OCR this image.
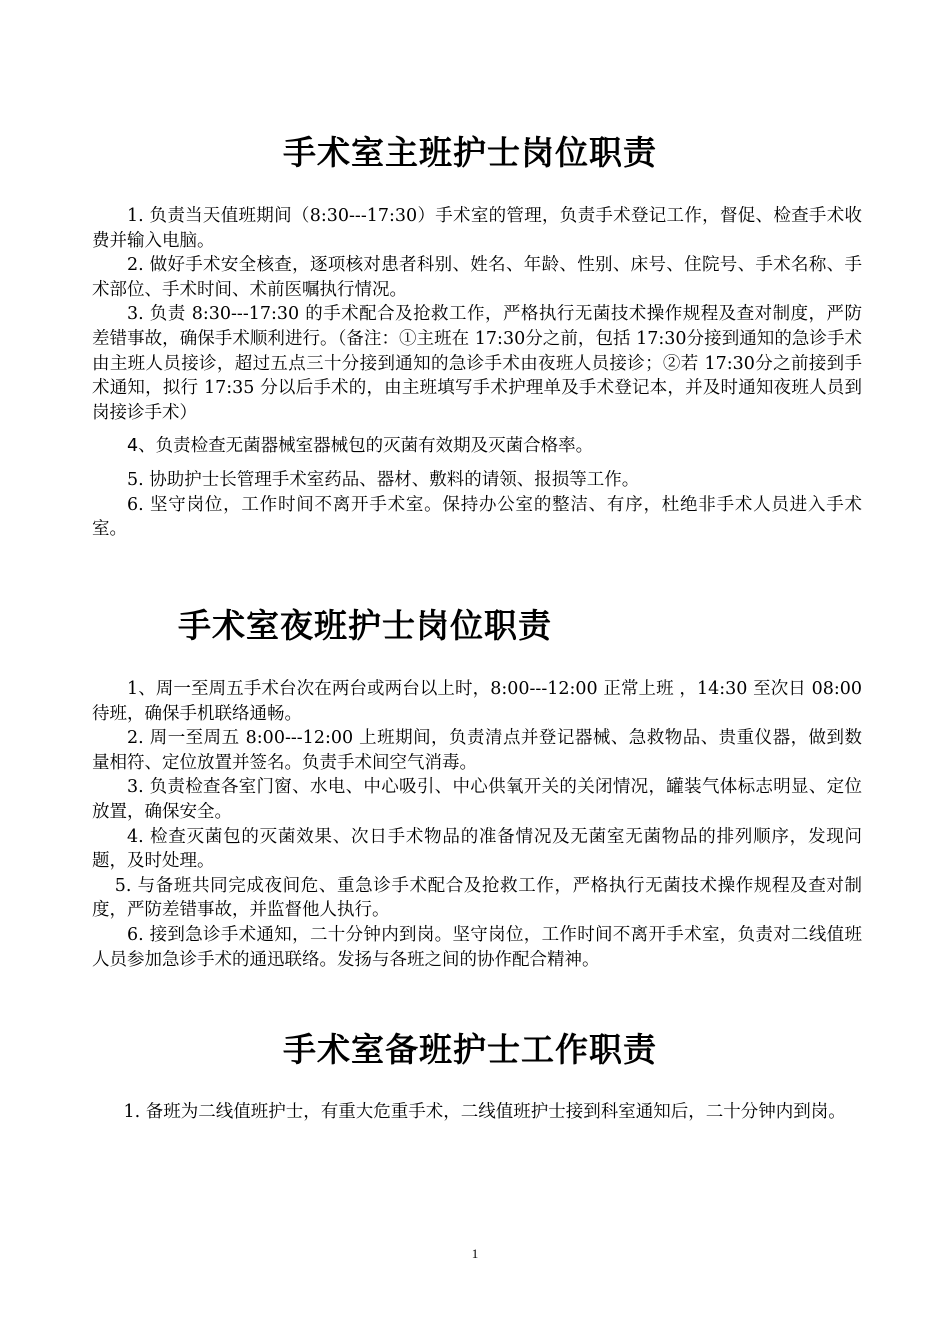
手术室主班护士岗位职责

1. 负责当天值班期间（8:30---17:30）手术室的管理，负责手术登记工作，督促、检查手术收费并输入电脑。

2. 做好手术安全核查，逐项核对患者科别、姓名、年龄、性别、床号、住院号、手术名称、手术部位、手术时间、术前医嘱执行情况。

3. 负责 8:30---17:30 的手术配合及抢救工作，严格执行无菌技术操作规程及查对制度，严防差错事故，确保手术顺利进行。（备注：①主班在 17:30分之前，包括 17:30分接到通知的急诊手术由主班人员接诊，超过五点三十分接到通知的急诊手术由夜班人员接诊；②若 17:30分之前接到手术通知，拟行 17:35 分以后手术的，由主班填写手术护理单及手术登记本，并及时通知夜班人员到岗接诊手术）

4、负责检查无菌器械室器械包的灭菌有效期及灭菌合格率。

5. 协助护士长管理手术室药品、器材、敷料的请领、报损等工作。

6. 坚守岗位，工作时间不离开手术室。保持办公室的整洁、有序，杜绝非手术人员进入手术室。

手术室夜班护士岗位职责

1、周一至周五手术台次在两台或两台以上时，8:00---12:00 正常上班 ，14:30 至次日 08:00 待班，确保手机联络通畅。

2. 周一至周五 8:00---12:00 上班期间，负责清点并登记器械、急救物品、贵重仪器，做到数量相符、定位放置并签名。负责手术间空气消毒。

3. 负责检查各室门窗、水电、中心吸引、中心供氧开关的关闭情况，罐装气体标志明显、定位放置，确保安全。

4. 检查灭菌包的灭菌效果、次日手术物品的准备情况及无菌室无菌物品的排列顺序，发现问题，及时处理。

5. 与备班共同完成夜间危、重急诊手术配合及抢救工作，严格执行无菌技术操作规程及查对制度，严防差错事故，并监督他人执行。

6. 接到急诊手术通知，二十分钟内到岗。坚守岗位，工作时间不离开手术室，负责对二线值班人员参加急诊手术的通迅联络。发扬与各班之间的协作配合精神。

手术室备班护士工作职责

1. 备班为二线值班护士，有重大危重手术，二线值班护士接到科室通知后，二十分钟内到岗。

1
